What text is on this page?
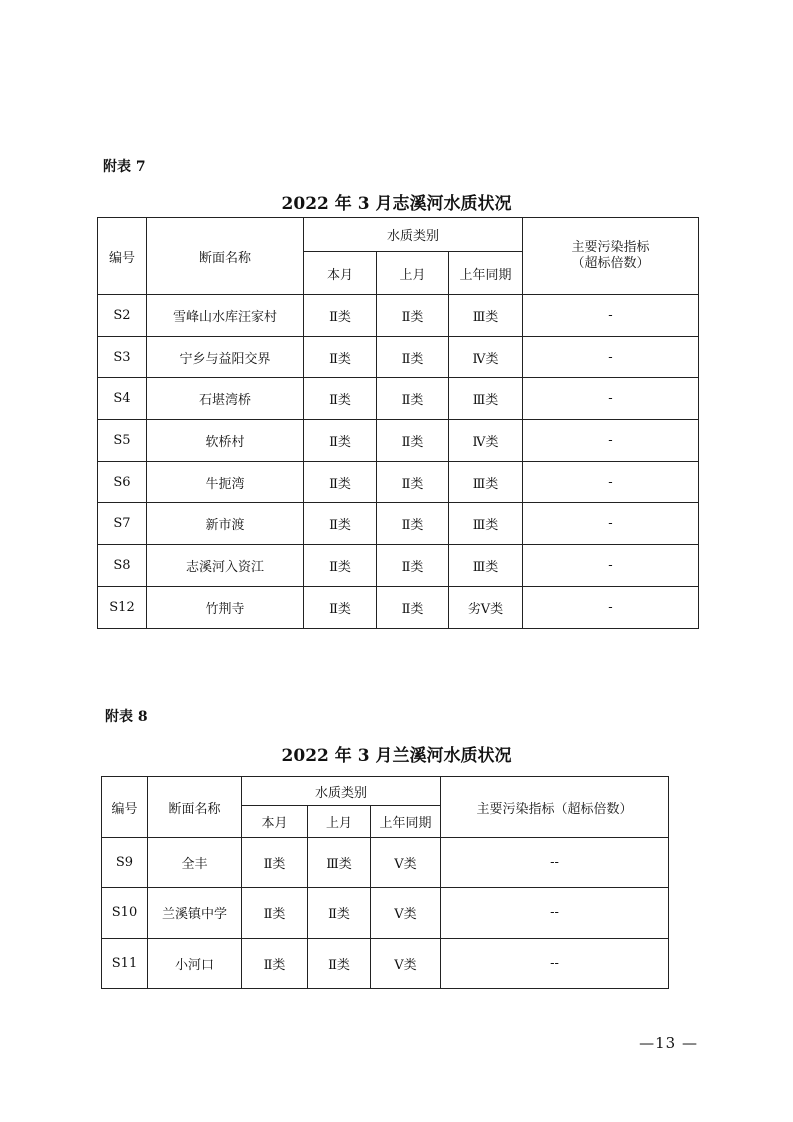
附表 7
2022 年 3 月志溪河水质状况
编号	断面名称	水质类别			主要污染指标
（超标倍数）

		本月	上月	上年同期	
S2	雪峰山水库汪家村	Ⅱ类	Ⅱ类	Ⅲ类	-
S3	宁乡与益阳交界	Ⅱ类	Ⅱ类	Ⅳ类	-
S4	石堪湾桥	Ⅱ类	Ⅱ类	Ⅲ类	-
S5	软桥村	Ⅱ类	Ⅱ类	Ⅳ类	-
S6	牛扼湾	Ⅱ类	Ⅱ类	Ⅲ类	-
S7	新市渡	Ⅱ类	Ⅱ类	Ⅲ类	-
S8	志溪河入资江	Ⅱ类	Ⅱ类	Ⅲ类	-
S12	竹荆寺	Ⅱ类	Ⅱ类	劣Ⅴ类	-
附表 8
2022 年 3 月兰溪河水质状况
编号	断面名称	水质类别			主要污染指标（超标倍数）
		本月	上月	上年同期	
S9	全丰	Ⅱ类	Ⅲ类	Ⅴ类	--
S10	兰溪镇中学	Ⅱ类	Ⅱ类	Ⅴ类	--
S11	小河口	Ⅱ类	Ⅱ类	Ⅴ类	--
—13 —
